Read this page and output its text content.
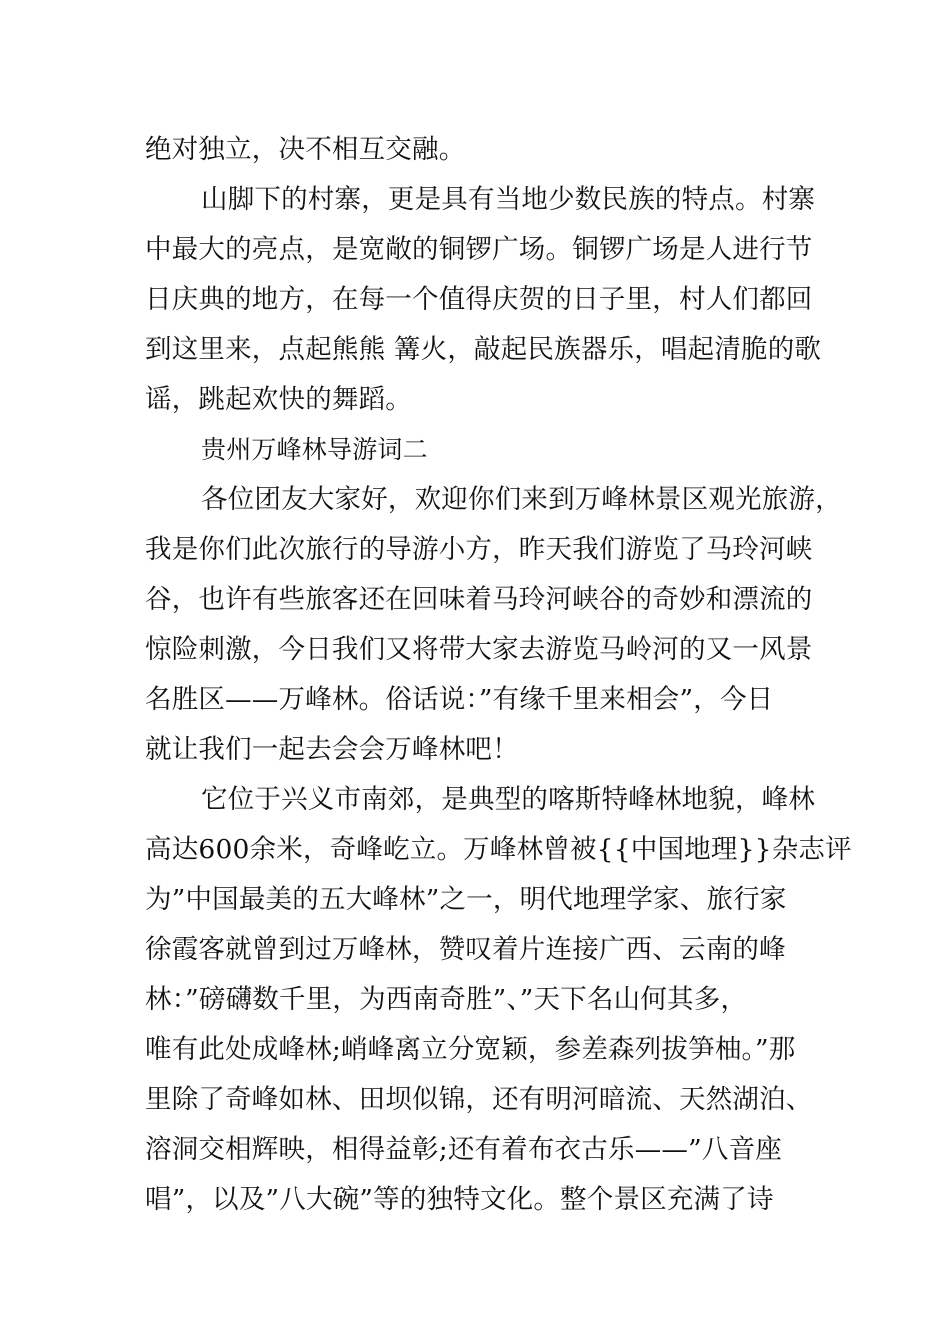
绝对独立，决不相互交融。
山脚下的村寨，更是具有当地少数民族的特点。村寨
中最大的亮点，是宽敞的铜锣广场。铜锣广场是人进行节
日庆典的地方，在每一个值得庆贺的日子里，村人们都回
到这里来，点起熊熊 篝火，敲起民族器乐，唱起清脆的歌
谣，跳起欢快的舞蹈。
贵州万峰林导游词二
各位团友大家好，欢迎你们来到万峰林景区观光旅游，
我是你们此次旅行的导游小方，昨天我们游览了马玲河峡
谷，也许有些旅客还在回味着马玲河峡谷的奇妙和漂流的
惊险刺激，今日我们又将带大家去游览马岭河的又一风景
名胜区——万峰林。俗话说：”有缘千里来相会”，今日
就让我们一起去会会万峰林吧！
它位于兴义市南郊，是典型的喀斯特峰林地貌，峰林
高达600余米，奇峰屹立。万峰林曾被{{中国地理}}杂志评
为”中国最美的五大峰林”之一，明代地理学家、旅行家
徐霞客就曾到过万峰林，赞叹着片连接广西、云南的峰
林：”磅礴数千里，为西南奇胜”、”天下名山何其多，
唯有此处成峰林;峭峰离立分宽颖，参差森列拔笋柚。”那
里除了奇峰如林、田坝似锦，还有明河暗流、天然湖泊、
溶洞交相辉映，相得益彰;还有着布衣古乐——”八音座
唱”，以及”八大碗”等的独特文化。整个景区充满了诗
